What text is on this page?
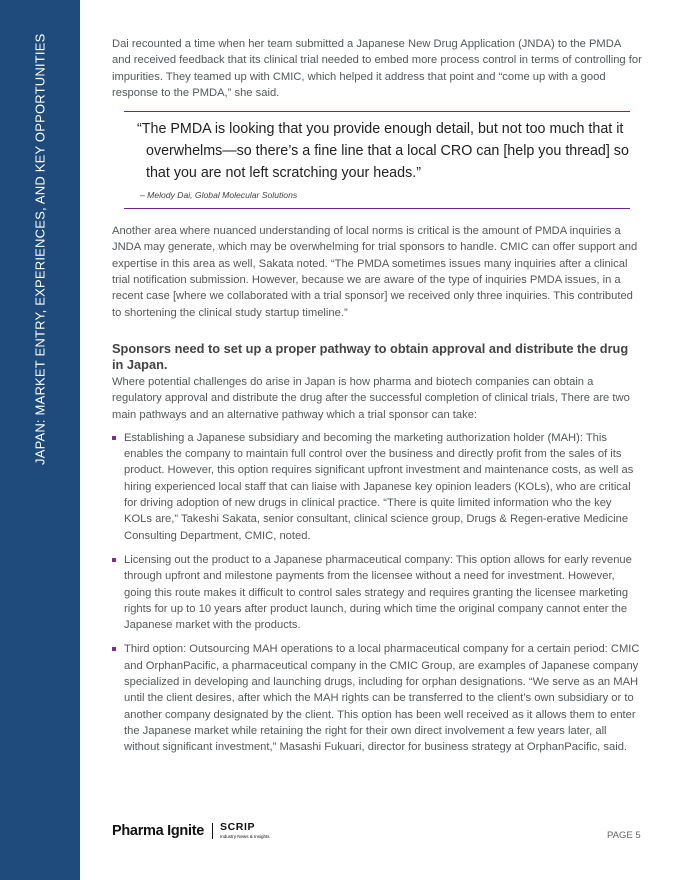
JAPAN: MARKET ENTRY, EXPERIENCES, AND KEY OPPORTUNITIES	Dai recounted a time when her team submitted a Japanese New Drug Application (JNDA) to the PMDA and received feedback that its clinical trial needed to embed more process control in terms of controlling for impurities. They teamed up with CMIC, which helped it address that point and “come up with a good response to the PMDA,” she said.

“The PMDA is looking that you provide enough detail, but not too much that it overwhelms—so there’s a fine line that a local CRO can [help you thread] so that you are not left scratching your heads.”

– Melody Dai, Global Molecular Solutions

Another area where nuanced understanding of local norms is critical is the amount of PMDA inquiries a JNDA may generate, which may be overwhelming for trial sponsors to handle. CMIC can offer support and expertise in this area as well, Sakata noted. “The PMDA sometimes issues many inquiries after a clinical trial notification submission. However, because we are aware of the type of inquiries PMDA issues, in a recent case [where we collaborated with a trial sponsor] we received only three inquiries. This contributed to shortening the clinical study startup timeline.”

Sponsors need to set up a proper pathway to obtain approval and distribute the drug in Japan.

Where potential challenges do arise in Japan is how pharma and biotech companies can obtain a regulatory approval and distribute the drug after the successful completion of clinical trials, There are two main pathways and an alternative pathway which a trial sponsor can take:

Establishing a Japanese subsidiary and becoming the marketing authorization holder (MAH): This enables the company to maintain full control over the business and directly profit from the sales of its product. However, this option requires significant upfront investment and maintenance costs, as well as hiring experienced local staff that can liaise with Japanese key opinion leaders (KOLs), who are critical for driving adoption of new drugs in clinical practice. “There is quite limited information who the key KOLs are,” Takeshi Sakata, senior consultant, clinical science group, Drugs & Regen-erative Medicine Consulting Department, CMIC, noted.
Licensing out the product to a Japanese pharmaceutical company: This option allows for early revenue through upfront and milestone payments from the licensee without a need for investment. However, going this route makes it difficult to control sales strategy and requires granting the licensee marketing rights for up to 10 years after product launch, during which time the original company cannot enter the Japanese market with the products.
Third option: Outsourcing MAH operations to a local pharmaceutical company for a certain period: CMIC and OrphanPacific, a pharmaceutical company in the CMIC Group, are examples of Japanese company specialized in developing and launching drugs, including for orphan designations. “We serve as an MAH until the client desires, after which the MAH rights can be transferred to the client’s own subsidiary or to another company designated by the client. This option has been well received as it allows them to enter the Japanese market while retaining the right for their own direct involvement a few years later, all without significant investment,” Masashi Fukuari, director for business strategy at OrphanPacific, said.
Pharma Ignite SCRIP
Industry News & Insights	PAGE 5
